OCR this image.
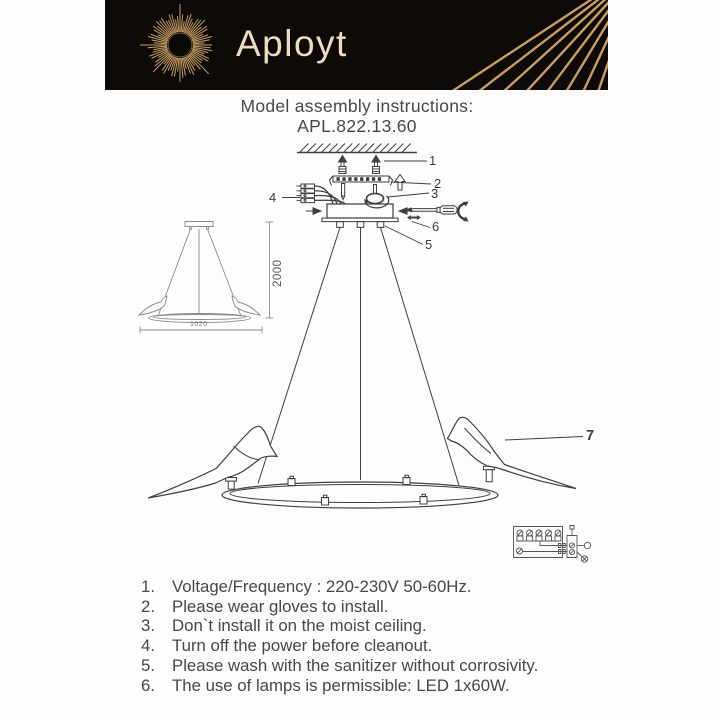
Aployt
Model assembly instructions:
APL.822.13.60
1
2
3
4
5
6
7
2000
1020
1.	Voltage/Frequency : 220-230V 50-60Hz.
2.	Please wear gloves to install.
3.	Don`t install it on the moist ceiling.
4.	Turn off the power before cleanout.
5.	Please wash with the sanitizer without corrosivity.
6.	The use of lamps is permissible: LED 1x60W.
